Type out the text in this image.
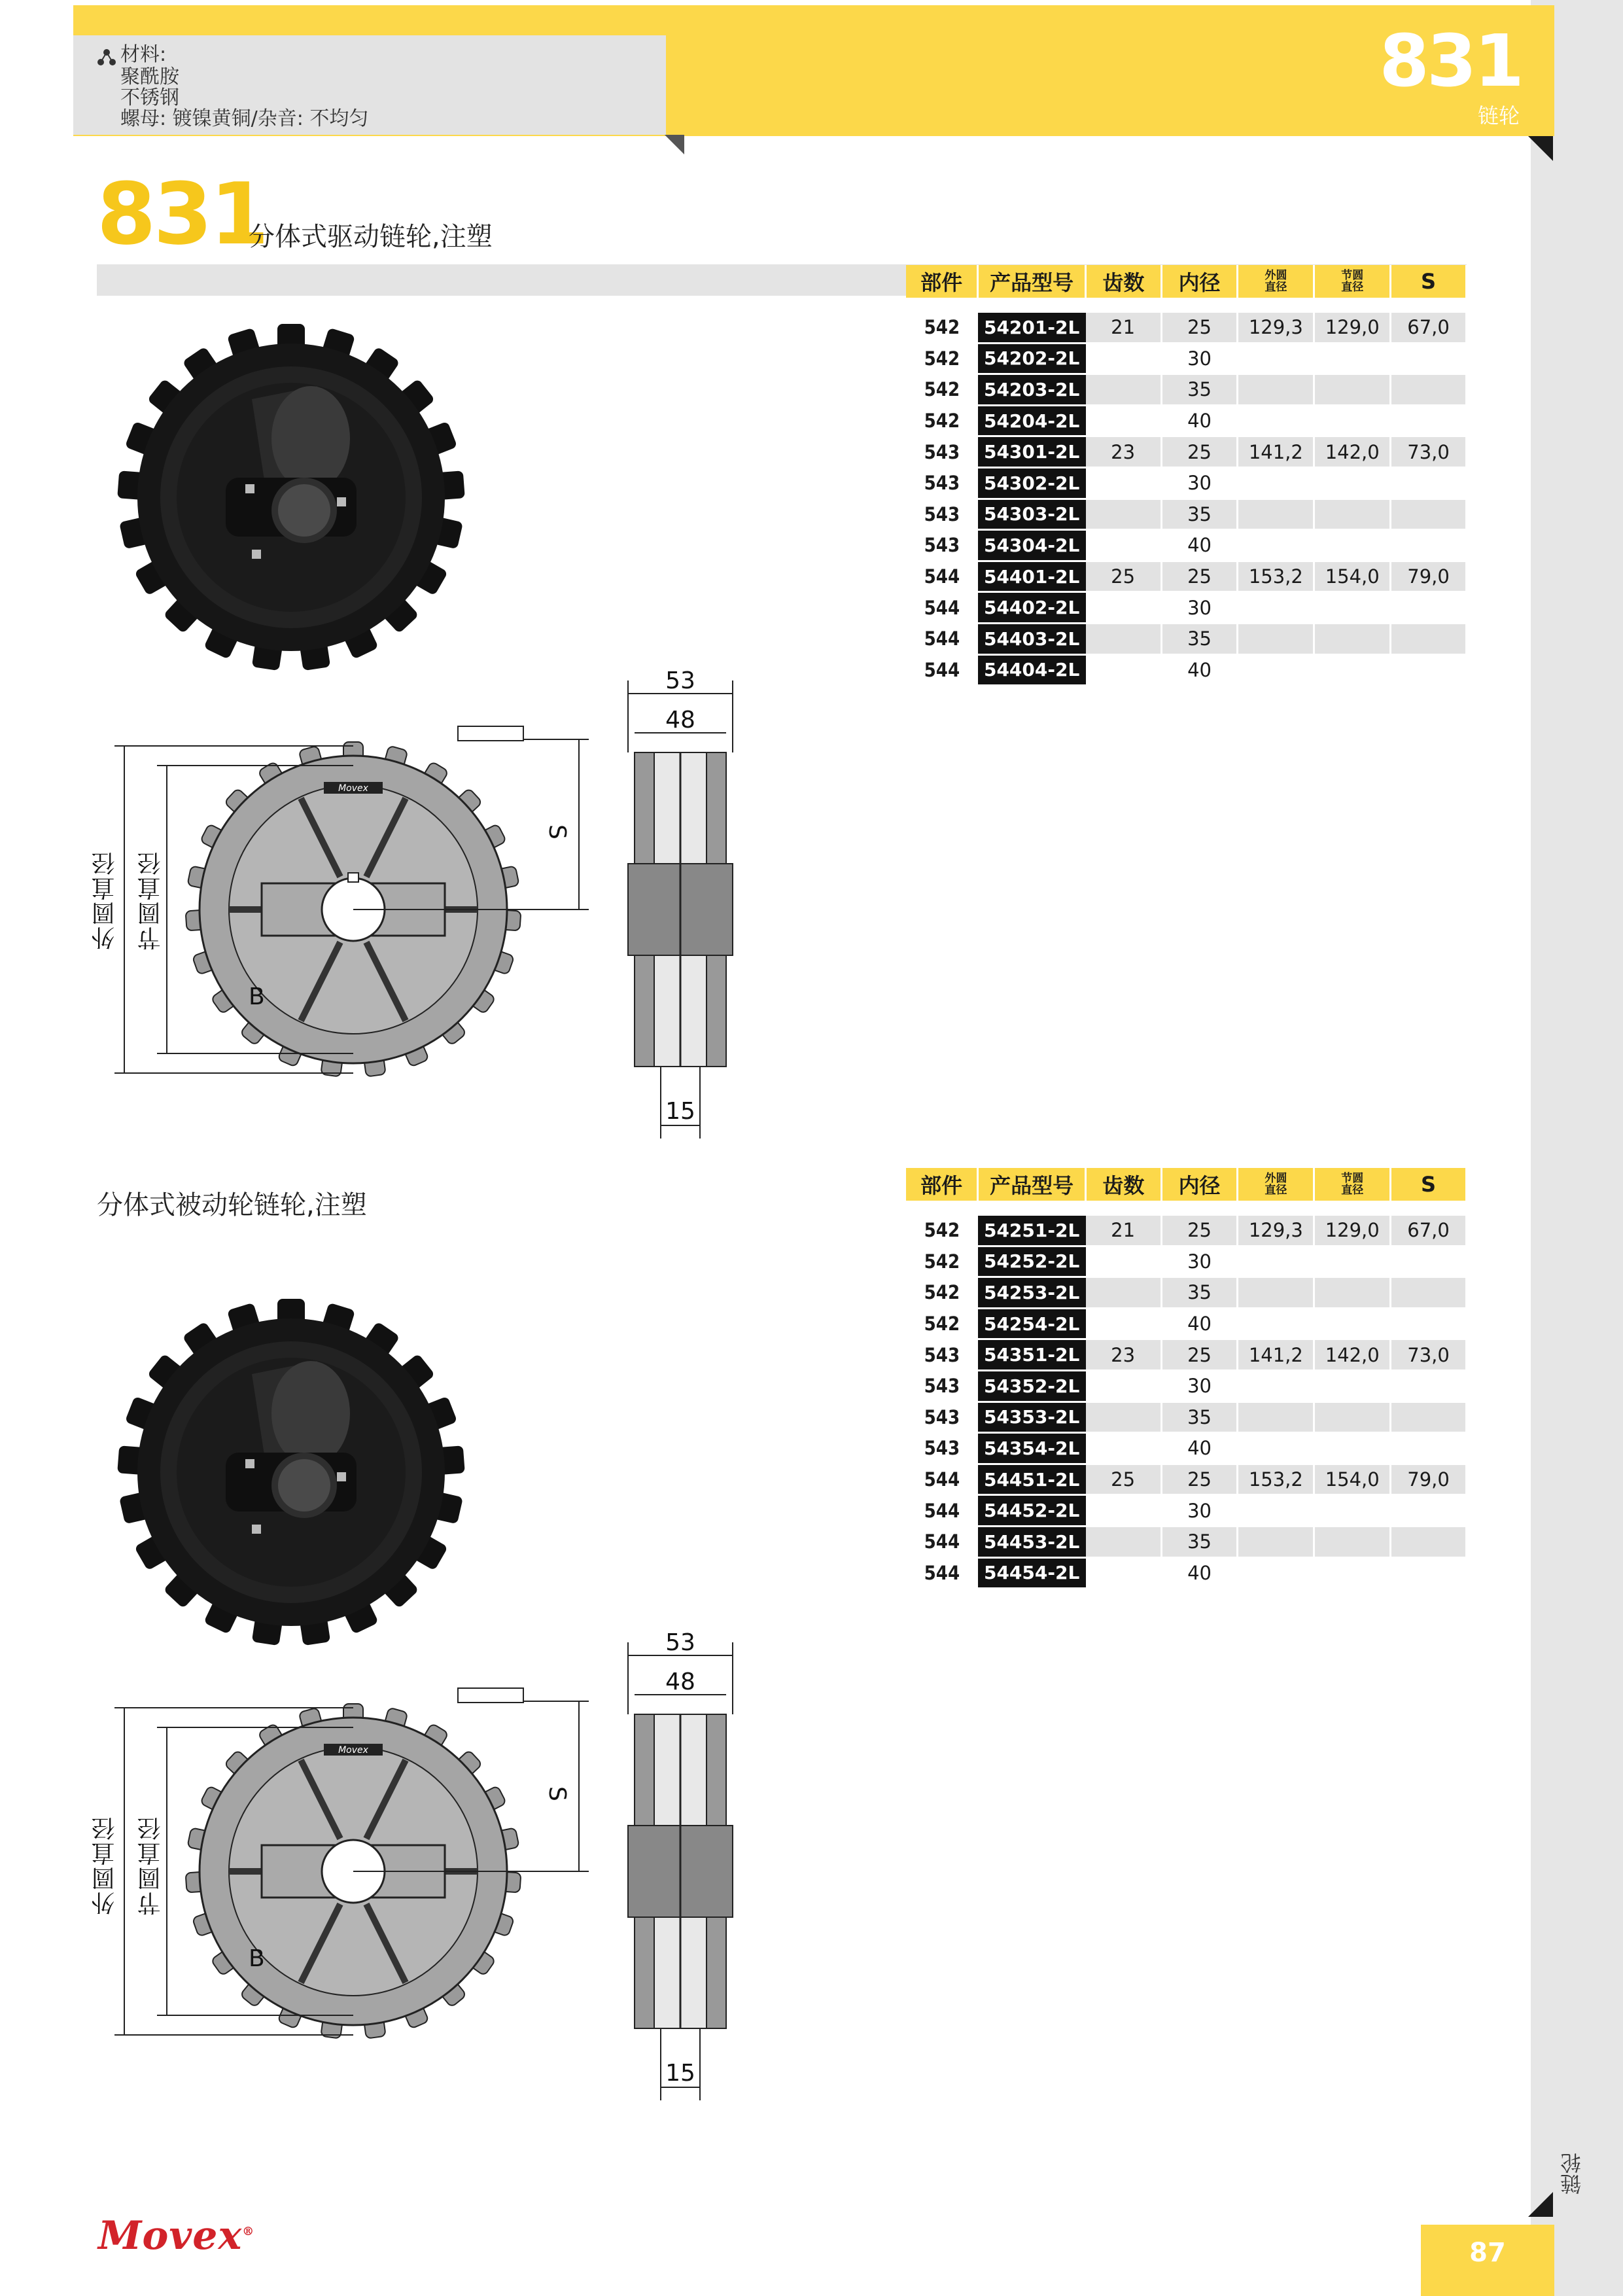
材料:
聚酰胺
不锈钢
螺母: 镀镍黄铜/杂音: 不均匀
831
链轮
831
分体式驱动链轮,注塑
分体式被动轮链轮,注塑
部件	产品型号	齿数	内径	外圆直径	节圆直径	S

542	54201-2L	21	25	129,3	129,0	67,0
542	54202-2L		30			
542	54203-2L		35			
542	54204-2L		40			
543	54301-2L	23	25	141,2	142,0	73,0
543	54302-2L		30			
543	54303-2L		35			
543	54304-2L		40			
544	54401-2L	25	25	153,2	154,0	79,0
544	54402-2L		30			
544	54403-2L		35			
544	54404-2L		40			
部件	产品型号	齿数	内径	外圆直径	节圆直径	S

542	54251-2L	21	25	129,3	129,0	67,0
542	54252-2L		30			
542	54253-2L		35			
542	54254-2L		40			
543	54351-2L	23	25	141,2	142,0	73,0
543	54352-2L		30			
543	54353-2L		35			
543	54354-2L		40			
544	54451-2L	25	25	153,2	154,0	79,0
544	54452-2L		30			
544	54453-2L		35			
544	54454-2L		40			
Movex
B
S
53
48
15
外圆直径 节圆直径
Movex
B
S
53
48
15
外圆直径 节圆直径
Movex®
链轮
87
